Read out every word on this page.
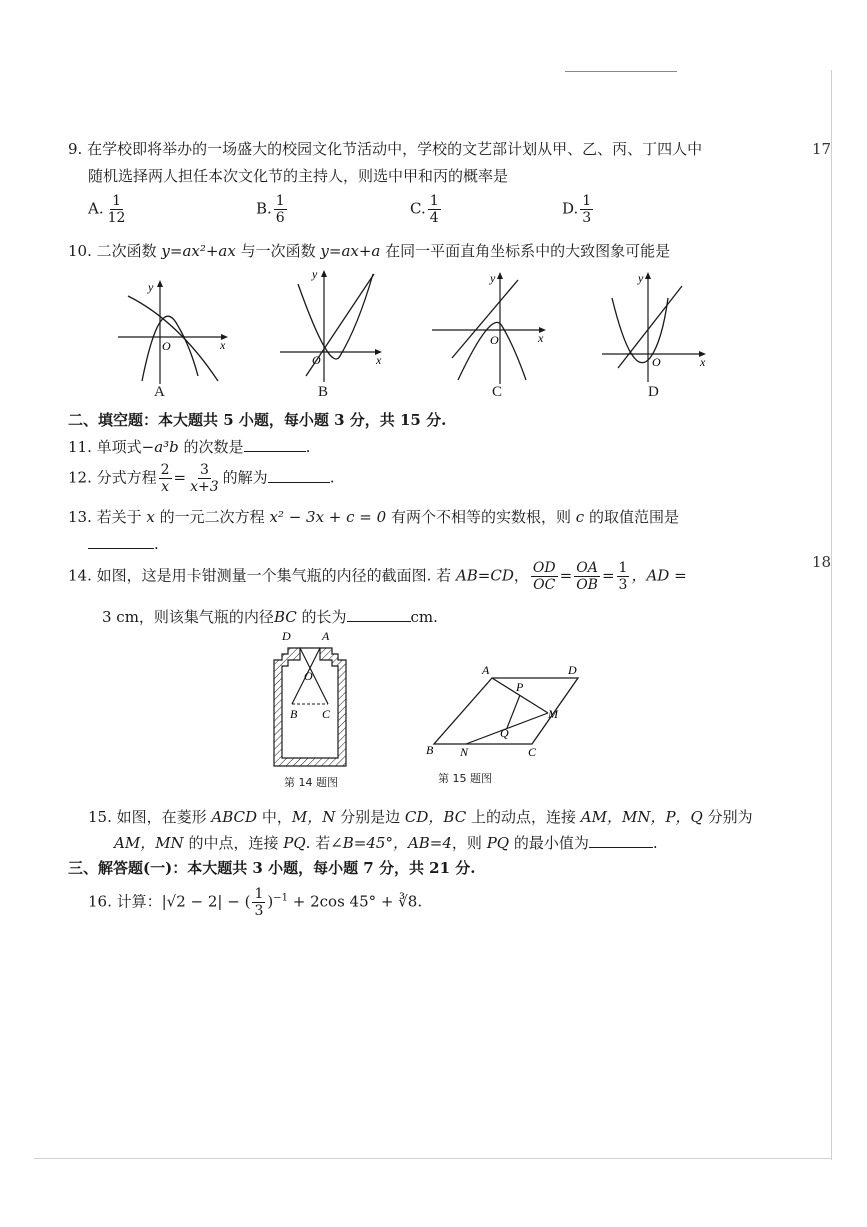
17
18
9. 在学校即将举办的一场盛大的校园文化节活动中，学校的文艺部计划从甲、乙、丙、丁四人中
随机选择两人担任本次文化节的主持人，则选中甲和丙的概率是
A. $\frac{1}{12}$	B. $\frac{1}{6}$	C. $\frac{1}{4}$	D. $\frac{1}{3}$
10. 二次函数 y=ax²+ax 与一次函数 y=ax+a 在同一平面直角坐标系中的大致图象可能是
y
x
O
A
y
x
O
B
y
x
O
C
y
x
O
D
二、填空题：本大题共 5 小题，每小题 3 分，共 15 分.
11. 单项式−a³b 的次数是	.
12. 分式方程 $\frac{2}{x} = \frac{3}{x+3}$ 的解为	.
13. 若关于 x 的一元二次方程 x² − 3x + c = 0 有两个不相等的实数根，则 c 的取值范围是
.
14. 如图，这是用卡钳测量一个集气瓶的内径的截面图. 若 AB=CD， $\frac{OD}{OC} = \frac{OA}{OB} = \frac{1}{3}$ ，AD =
3 cm，则该集气瓶的内径BC 的长为	cm.
D	A
O
B C
第 14 题图
A	D
P
M
Q
B N	C
第 15 题图
15. 如图，在菱形 ABCD 中，M，N 分别是边 CD，BC 上的动点，连接 AM，MN，P，Q 分别为
AM，MN 的中点，连接 PQ. 若∠B=45°，AB=4，则 PQ 的最小值为	.
三、解答题(一)：本大题共 3 小题，每小题 7 分，共 21 分.
16. 计算：|√2 − 2| − ( $\frac{1}{3} )^{-1} + 2\cos$ 45° + ∛8.
